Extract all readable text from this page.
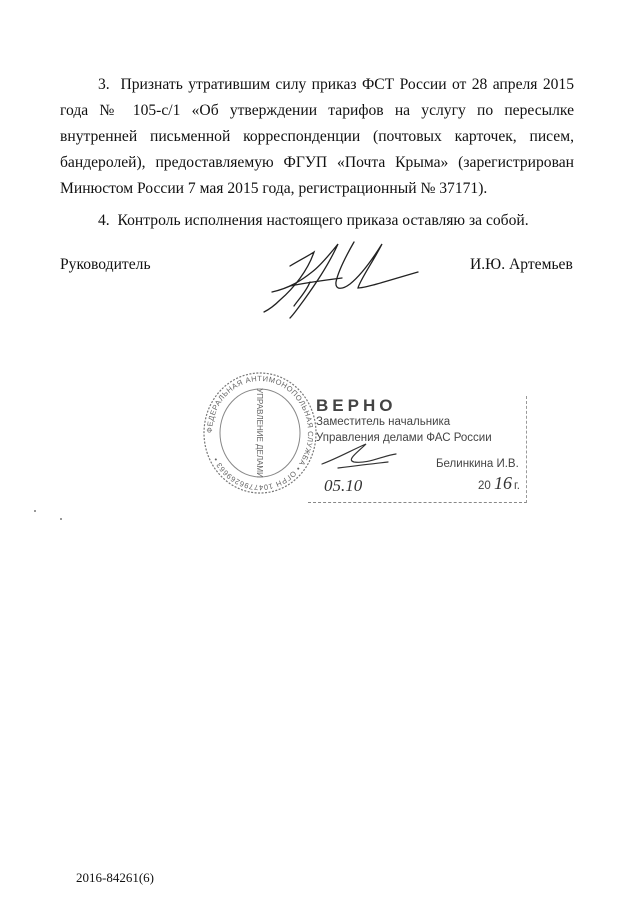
3. Признать утратившим силу приказ ФСТ России от 28 апреля 2015 года № 105-с/1 «Об утверждении тарифов на услугу по пересылке внутренней письменной корреспонденции (почтовых карточек, писем, бандеролей), предоставляемую ФГУП «Почта Крыма» (зарегистрирован Минюстом России 7 мая 2015 года, регистрационный № 37171).

4. Контроль исполнения настоящего приказа оставляю за собой.

Руководитель	И.Ю. Артемьев
ФЕДЕРАЛЬНАЯ АНТИМОНОПОЛЬНАЯ СЛУЖБА • ОГРН 1047796269663 •	УПРАВЛЕНИЕ ДЕЛАМИ	ВЕРНО
Заместитель начальника
Управления делами ФАС России
Белинкина И.В.
05.10	20 16 г.
2016-84261(6)
